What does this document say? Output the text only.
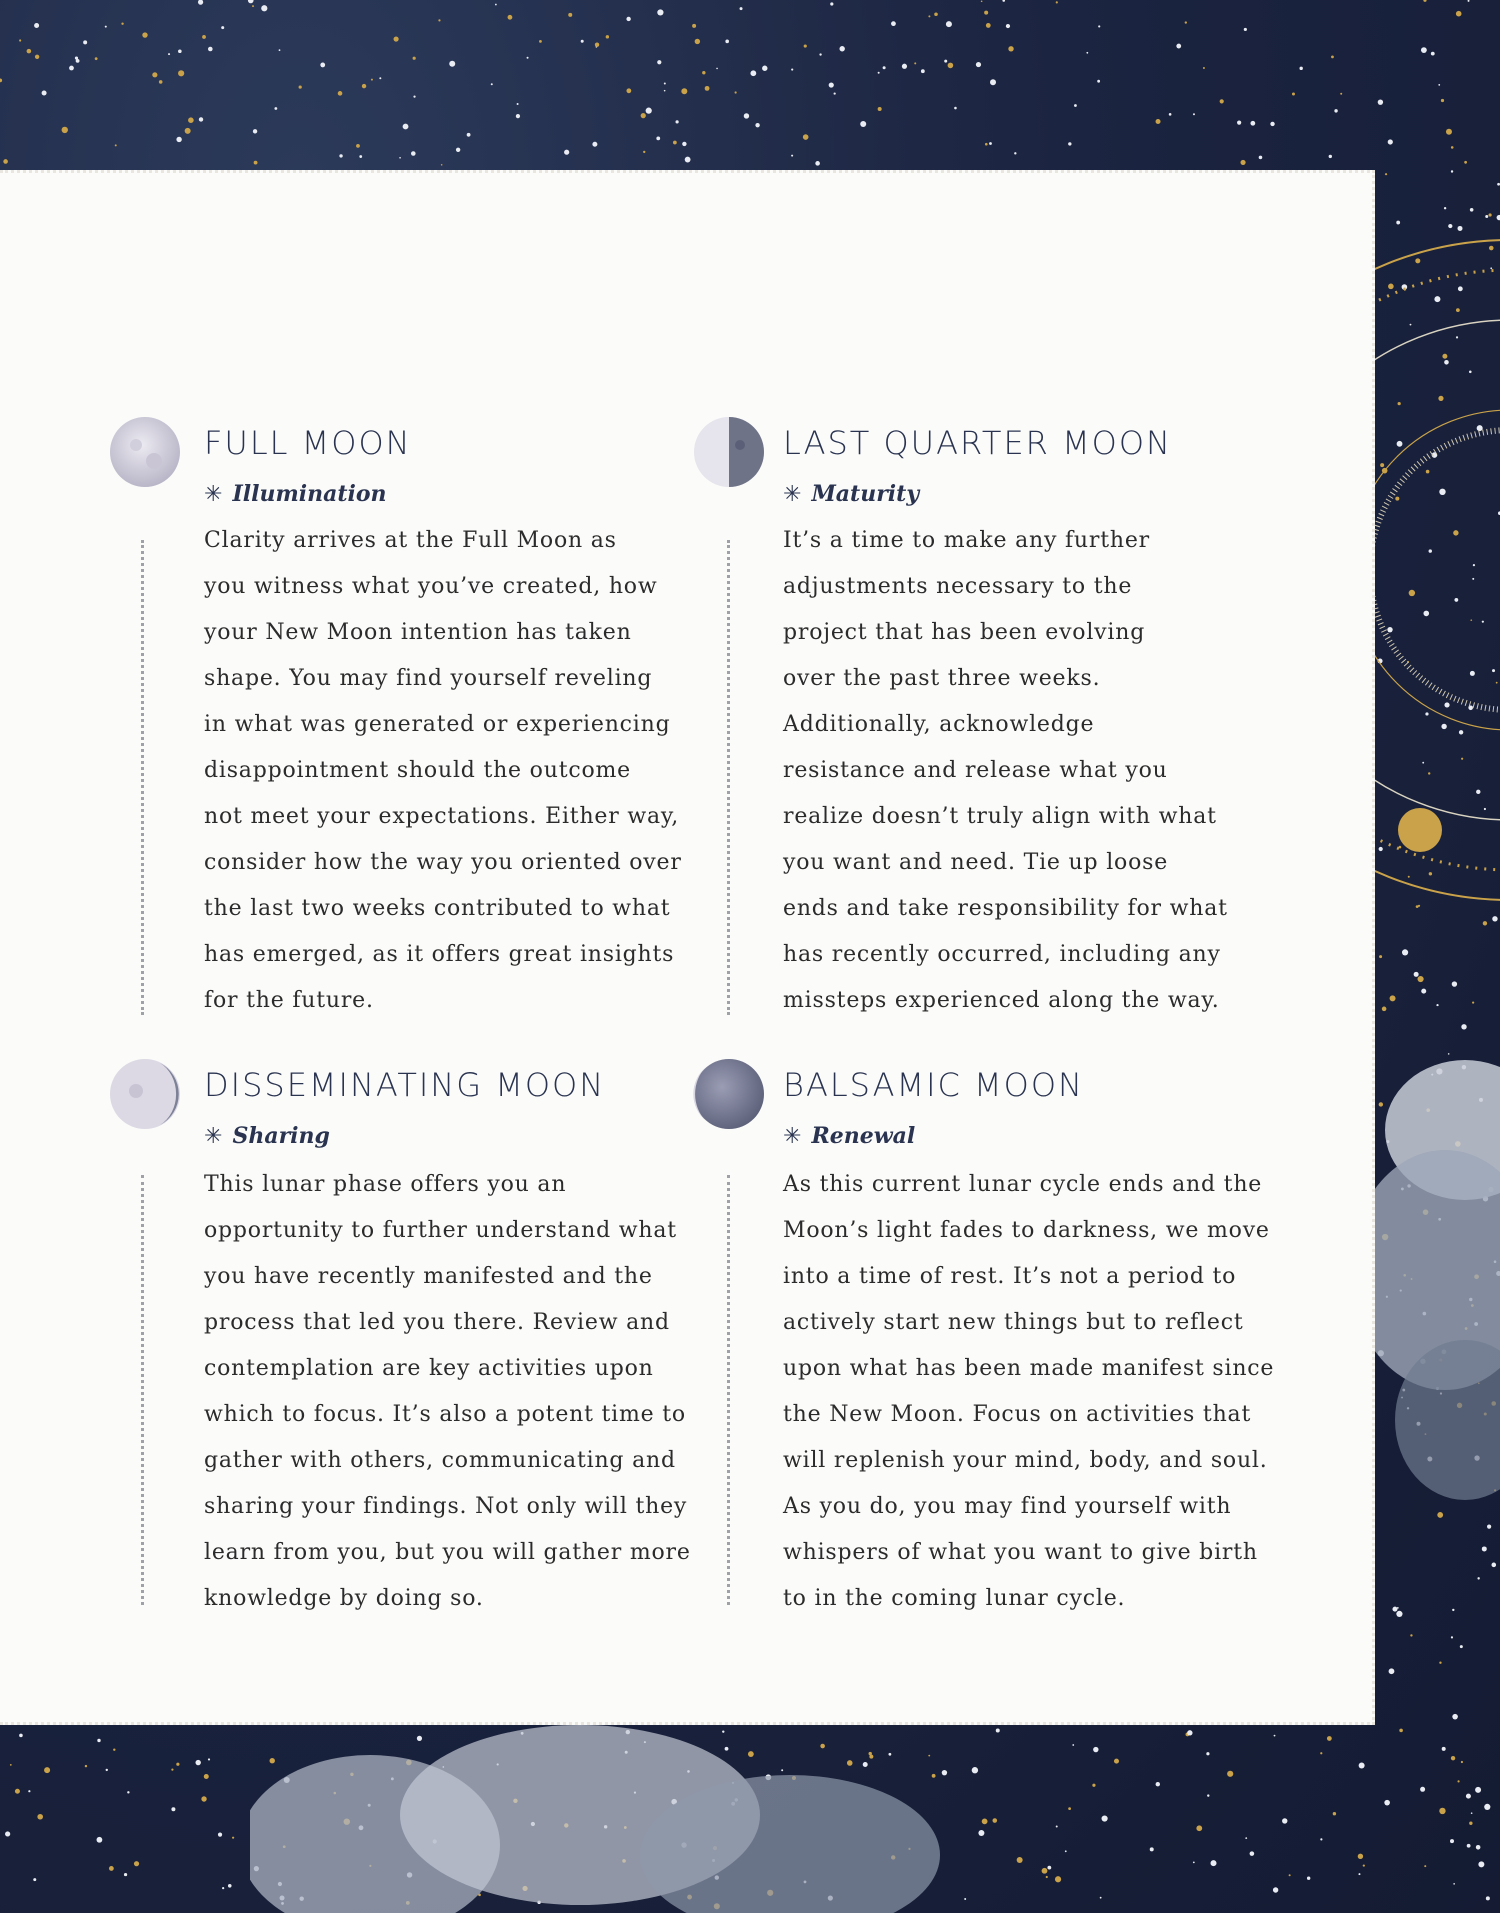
FULL MOON
✳ Illumination
Clarity arrives at the Full Moon as
you witness what you’ve created, how
your New Moon intention has taken
shape. You may find yourself reveling
in what was generated or experiencing
disappointment should the outcome
not meet your expectations. Either way,
consider how the way you oriented over
the last two weeks contributed to what
has emerged, as it offers great insights
for the future.
LAST QUARTER MOON
✳ Maturity
It’s a time to make any further
adjustments necessary to the
project that has been evolving
over the past three weeks.
Additionally, acknowledge
resistance and release what you
realize doesn’t truly align with what
you want and need. Tie up loose
ends and take responsibility for what
has recently occurred, including any
missteps experienced along the way.
DISSEMINATING MOON
✳ Sharing
This lunar phase offers you an
opportunity to further understand what
you have recently manifested and the
process that led you there. Review and
contemplation are key activities upon
which to focus. It’s also a potent time to
gather with others, communicating and
sharing your findings. Not only will they
learn from you, but you will gather more
knowledge by doing so.
BALSAMIC MOON
✳ Renewal
As this current lunar cycle ends and the
Moon’s light fades to darkness, we move
into a time of rest. It’s not a period to
actively start new things but to reflect
upon what has been made manifest since
the New Moon. Focus on activities that
will replenish your mind, body, and soul.
As you do, you may find yourself with
whispers of what you want to give birth
to in the coming lunar cycle.
